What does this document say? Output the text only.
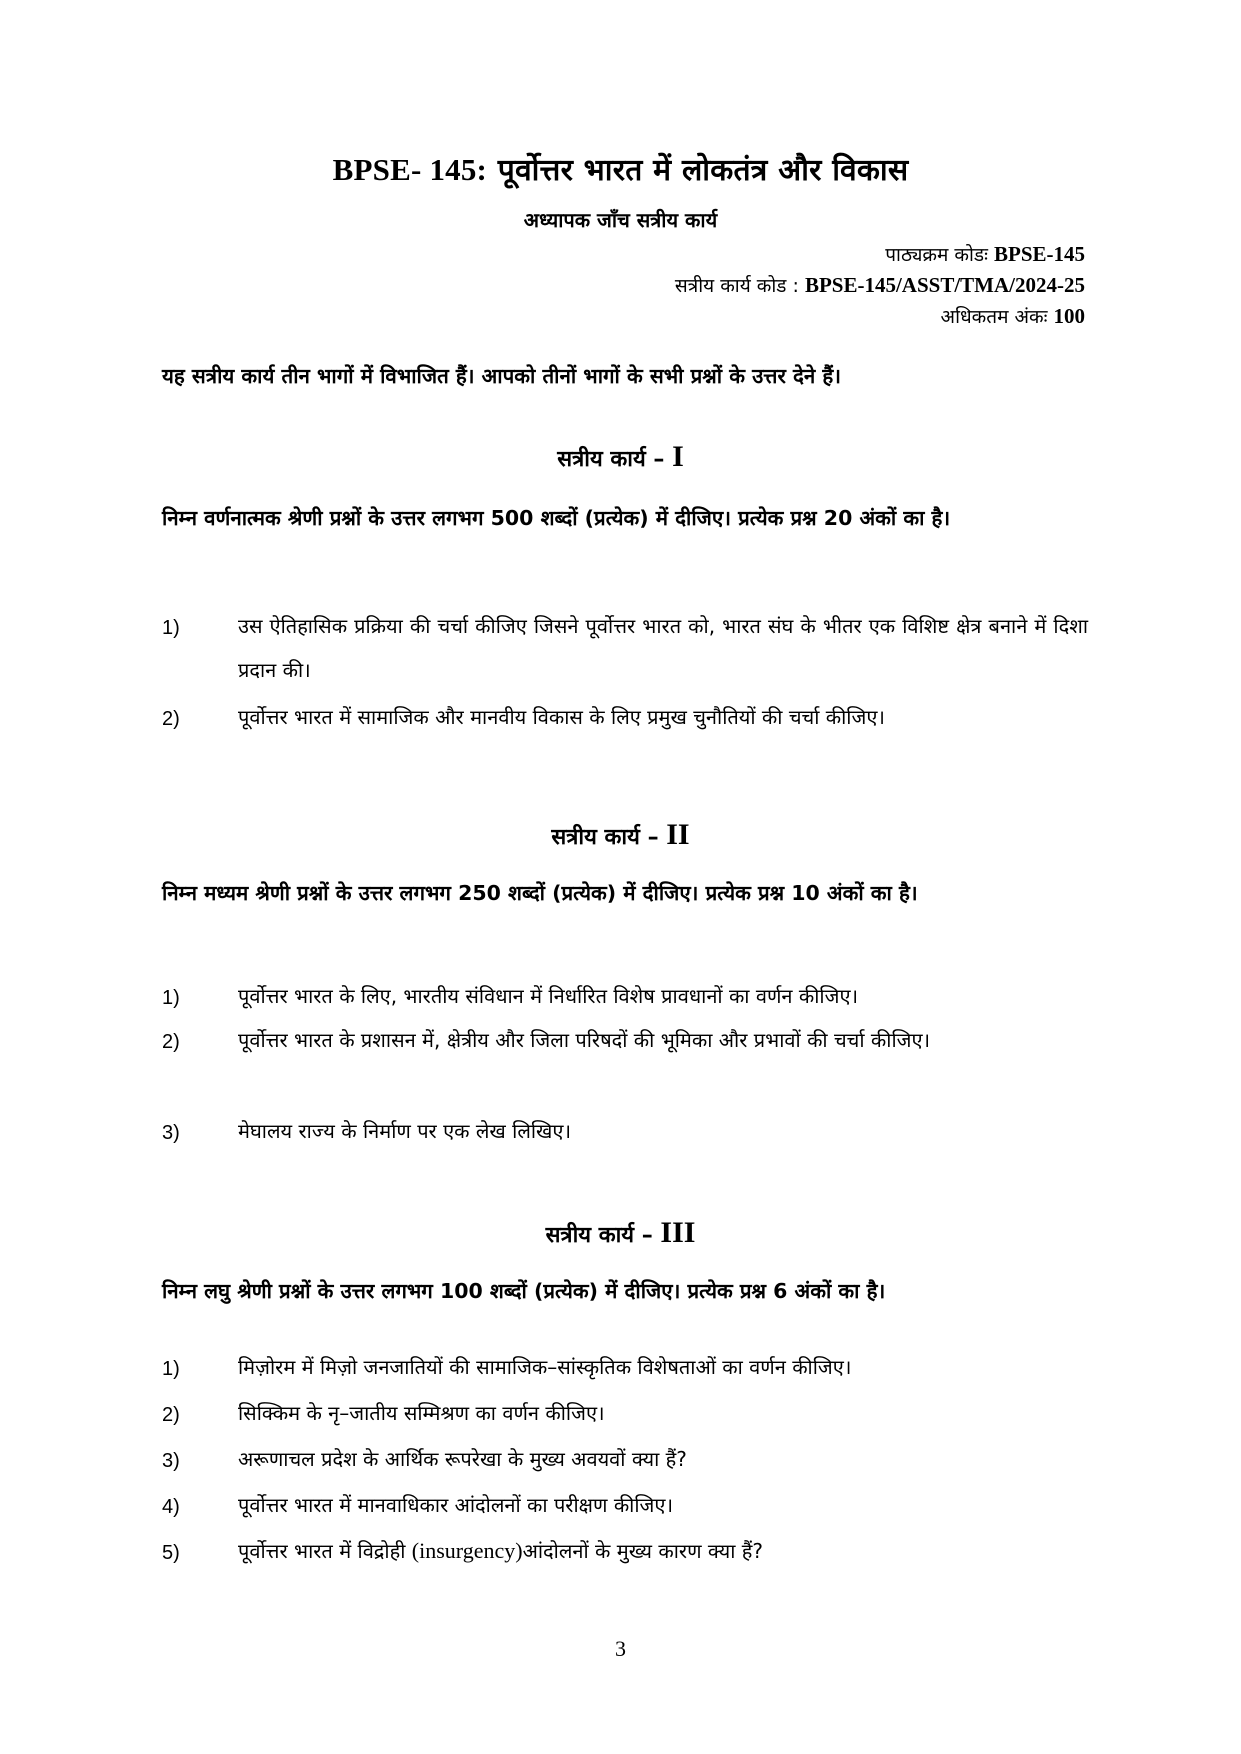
BPSE- 145: पूर्वोत्तर भारत में लोकतंत्र और विकास
अध्यापक जाँच सत्रीय कार्य
पाठ्यक्रम कोडः BPSE-145
सत्रीय कार्य कोड : BPSE-145/ASST/TMA/2024-25
अधिकतम अंकः 100
यह सत्रीय कार्य तीन भागों में विभाजित हैं। आपको तीनों भागों के सभी प्रश्नों के उत्तर देने हैं।
सत्रीय कार्य – I
निम्न वर्णनात्मक श्रेणी प्रश्नों के उत्तर लगभग 500 शब्दों (प्रत्येक) में दीजिए। प्रत्येक प्रश्न 20 अंकों का है।
1)	उस ऐतिहासिक प्रक्रिया की चर्चा कीजिए जिसने पूर्वोत्तर भारत को, भारत संघ के भीतर एक विशिष्ट क्षेत्र बनाने में दिशा प्रदान की।
2)	पूर्वोत्तर भारत में सामाजिक और मानवीय विकास के लिए प्रमुख चुनौतियों की चर्चा कीजिए।
सत्रीय कार्य – II
निम्न मध्यम श्रेणी प्रश्नों के उत्तर लगभग 250 शब्दों (प्रत्येक) में दीजिए। प्रत्येक प्रश्न 10 अंकों का है।
1)	पूर्वोत्तर भारत के लिए, भारतीय संविधान में निर्धारित विशेष प्रावधानों का वर्णन कीजिए।
2)	पूर्वोत्तर भारत के प्रशासन में, क्षेत्रीय और जिला परिषदों की भूमिका और प्रभावों की चर्चा कीजिए।
3)	मेघालय राज्य के निर्माण पर एक लेख लिखिए।
सत्रीय कार्य – III
निम्न लघु श्रेणी प्रश्नों के उत्तर लगभग 100 शब्दों (प्रत्येक) में दीजिए। प्रत्येक प्रश्न 6 अंकों का है।
1)	मिज़ोरम में मिज़ो जनजातियों की सामाजिक–सांस्कृतिक विशेषताओं का वर्णन कीजिए।
2)	सिक्किम के नृ–जातीय सम्मिश्रण का वर्णन कीजिए।
3)	अरूणाचल प्रदेश के आर्थिक रूपरेखा के मुख्य अवयवों क्या हैं?
4)	पूर्वोत्तर भारत में मानवाधिकार आंदोलनों का परीक्षण कीजिए।
5)	पूर्वोत्तर भारत में विद्रोही (insurgency)आंदोलनों के मुख्य कारण क्या हैं?
3
